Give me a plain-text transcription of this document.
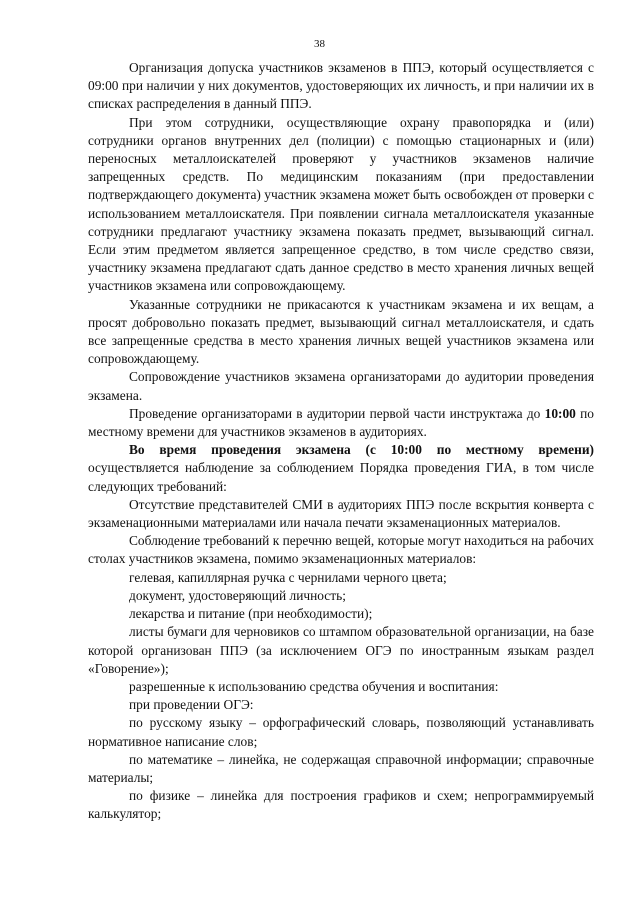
38

Организация допуска участников экзаменов в ППЭ, который осуществляется с 09:00 при наличии у них документов, удостоверяющих их личность, и при наличии их в списках распределения в данный ППЭ.

При этом сотрудники, осуществляющие охрану правопорядка и (или) сотрудники органов внутренних дел (полиции) с помощью стационарных и (или) переносных металлоискателей проверяют у участников экзаменов наличие запрещенных средств. По медицинским показаниям (при предоставлении подтверждающего документа) участник экзамена может быть освобожден от проверки с использованием металлоискателя. При появлении сигнала металлоискателя указанные сотрудники предлагают участнику экзамена показать предмет, вызывающий сигнал. Если этим предметом является запрещенное средство, в том числе средство связи, участнику экзамена предлагают сдать данное средство в место хранения личных вещей участников экзамена или сопровождающему.

Указанные сотрудники не прикасаются к участникам экзамена и их вещам, а просят добровольно показать предмет, вызывающий сигнал металлоискателя, и сдать все запрещенные средства в место хранения личных вещей участников экзамена или сопровождающему.

Сопровождение участников экзамена организаторами до аудитории проведения экзамена.

Проведение организаторами в аудитории первой части инструктажа до 10:00 по местному времени для участников экзаменов в аудиториях.

Во время проведения экзамена (с 10:00 по местному времени) осуществляется наблюдение за соблюдением Порядка проведения ГИА, в том числе следующих требований:

Отсутствие представителей СМИ в аудиториях ППЭ после вскрытия конверта с экзаменационными материалами или начала печати экзаменационных материалов.

Соблюдение требований к перечню вещей, которые могут находиться на рабочих столах участников экзамена, помимо экзаменационных материалов:

гелевая, капиллярная ручка с чернилами черного цвета;

документ, удостоверяющий личность;

лекарства и питание (при необходимости);

листы бумаги для черновиков со штампом образовательной организации, на базе которой организован ППЭ (за исключением ОГЭ по иностранным языкам раздел «Говорение»);

разрешенные к использованию средства обучения и воспитания:

при проведении ОГЭ:

по русскому языку – орфографический словарь, позволяющий устанавливать нормативное написание слов;

по математике – линейка, не содержащая справочной информации; справочные материалы;

по физике – линейка для построения графиков и схем; непрограммируемый калькулятор;
